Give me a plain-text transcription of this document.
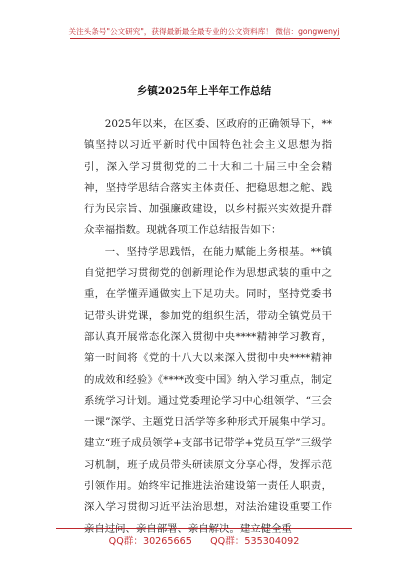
关注头条号"公文研究"，获得最新最全最专业的公文资料库！ 微信：gongwenyj
乡镇2025年上半年工作总结

2025年以来，在区委、区政府的正确领导下，**镇坚持以习近平新时代中国特色社会主义思想为指引，深入学习贯彻党的二十大和二十届三中全会精神，坚持学思结合落实主体责任、把稳思想之舵、践行为民宗旨、加强廉政建设，以乡村振兴实效提升群众幸福指数。现就各项工作总结报告如下：

一、坚持学思践悟，在能力赋能上务根基。**镇自觉把学习贯彻党的创新理论作为思想武装的重中之重，在学懂弄通做实上下足功夫。同时，坚持党委书记带头讲党课，参加党的组织生活，带动全镇党员干部认真开展常态化深入贯彻中央****精神学习教育，第一时间将《党的十八大以来深入贯彻中央****精神的成效和经验》《****改变中国》纳入学习重点，制定系统学习计划。通过党委理论学习中心组领学、“三会一课”深学、主题党日活学等多种形式开展集中学习。建立“班子成员领学+支部书记带学+党员互学”三级学习机制，班子成员带头研读原文分享心得，发挥示范引领作用。始终牢记推进法治建设第一责任人职责，深入学习贯彻习近平法治思想，对法治建设重要工作亲自过问、亲自部署、亲自解决。建立健全重

QQ群：30265665      QQ群：535304092
